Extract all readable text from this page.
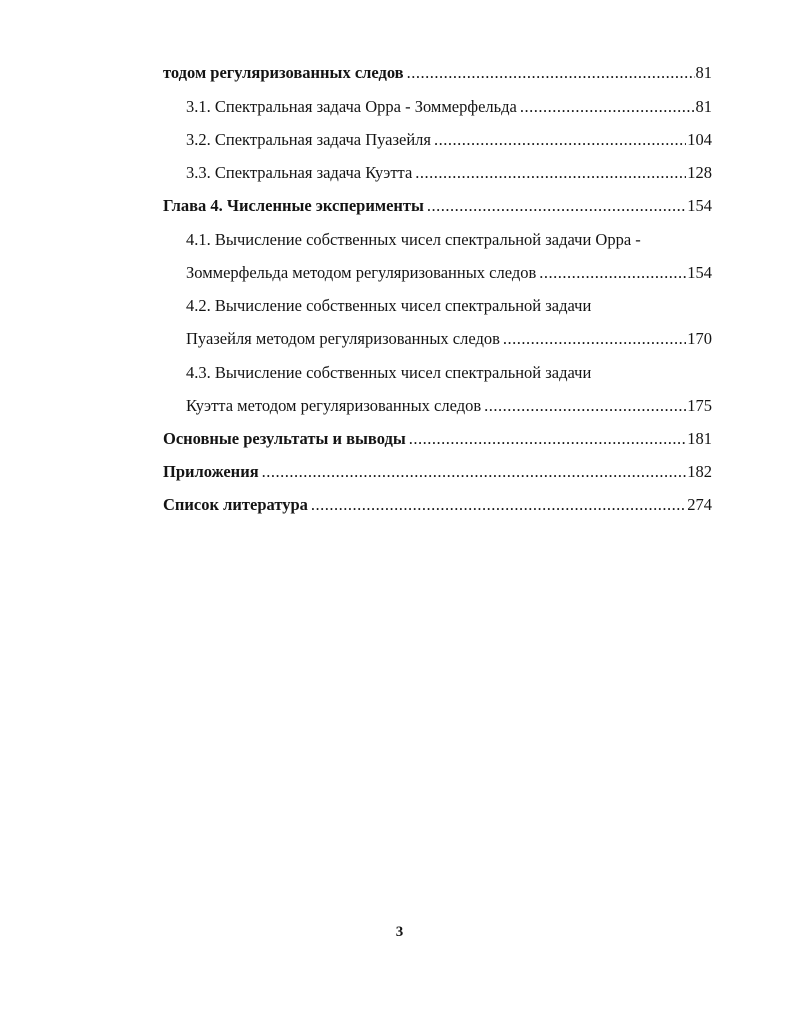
тодом регуляризованных следов .....	81
3.1. Спектральная задача Орра - Зоммерфельда .....	81
3.2. Спектральная задача Пуазейля .....	104
3.3. Спектральная задача Куэтта .....	128
Глава 4. Численные эксперименты .....	154
4.1. Вычисление собственных чисел спектральной задачи Орра -
Зоммерфельда методом регуляризованных следов .....	154
4.2. Вычисление собственных чисел спектральной задачи
Пуазейля методом регуляризованных следов .....	170
4.3. Вычисление собственных чисел спектральной задачи
Куэтта методом регуляризованных следов .....	175
Основные результаты и выводы .....	181
Приложения .....	182
Список литература .....	274
3
